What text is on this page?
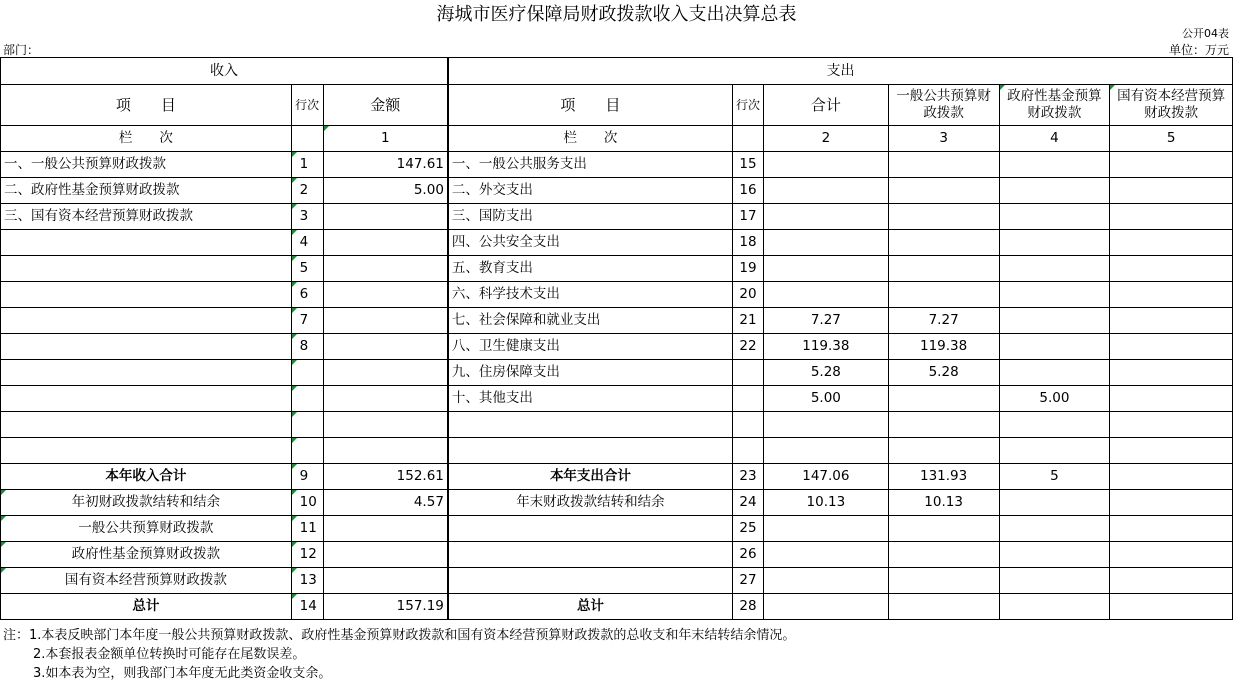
海城市医疗保障局财政拨款收入支出决算总表
公开04表
部门：	单位：万元
收入			支出					
项　　目	行次	金额	项　　目	行次	合计	一般公共预算财政拨款	政府性基金预算财政拨款	国有资本经营预算财政拨款
栏　　次		1	栏　　次		2	3	4	5
一、一般公共预算财政拨款	1	147.61	一、一般公共服务支出	15				
二、政府性基金预算财政拨款	2	5.00	二、外交支出	16				
三、国有资本经营预算财政拨款	3		三、国防支出	17				
	4		四、公共安全支出	18				
	5		五、教育支出	19				
	6		六、科学技术支出	20				
	7		七、社会保障和就业支出	21	7.27	7.27		
	8		八、卫生健康支出	22	119.38	119.38		
			九、住房保障支出		5.28	5.28		
			十、其他支出		5.00		5.00	

本年收入合计	9	152.61	本年支出合计	23	147.06	131.93	5	
年初财政拨款结转和结余	10	4.57	年末财政拨款结转和结余	24	10.13	10.13		
一般公共预算财政拨款	11			25				
政府性基金预算财政拨款	12			26				
国有资本经营预算财政拨款	13			27				
总计	14	157.19	总计	28				
注：1.本表反映部门本年度一般公共预算财政拨款、政府性基金预算财政拨款和国有资本经营预算财政拨款的总收支和年末结转结余情况。
2.本套报表金额单位转换时可能存在尾数误差。
3.如本表为空，则我部门本年度无此类资金收支余。
